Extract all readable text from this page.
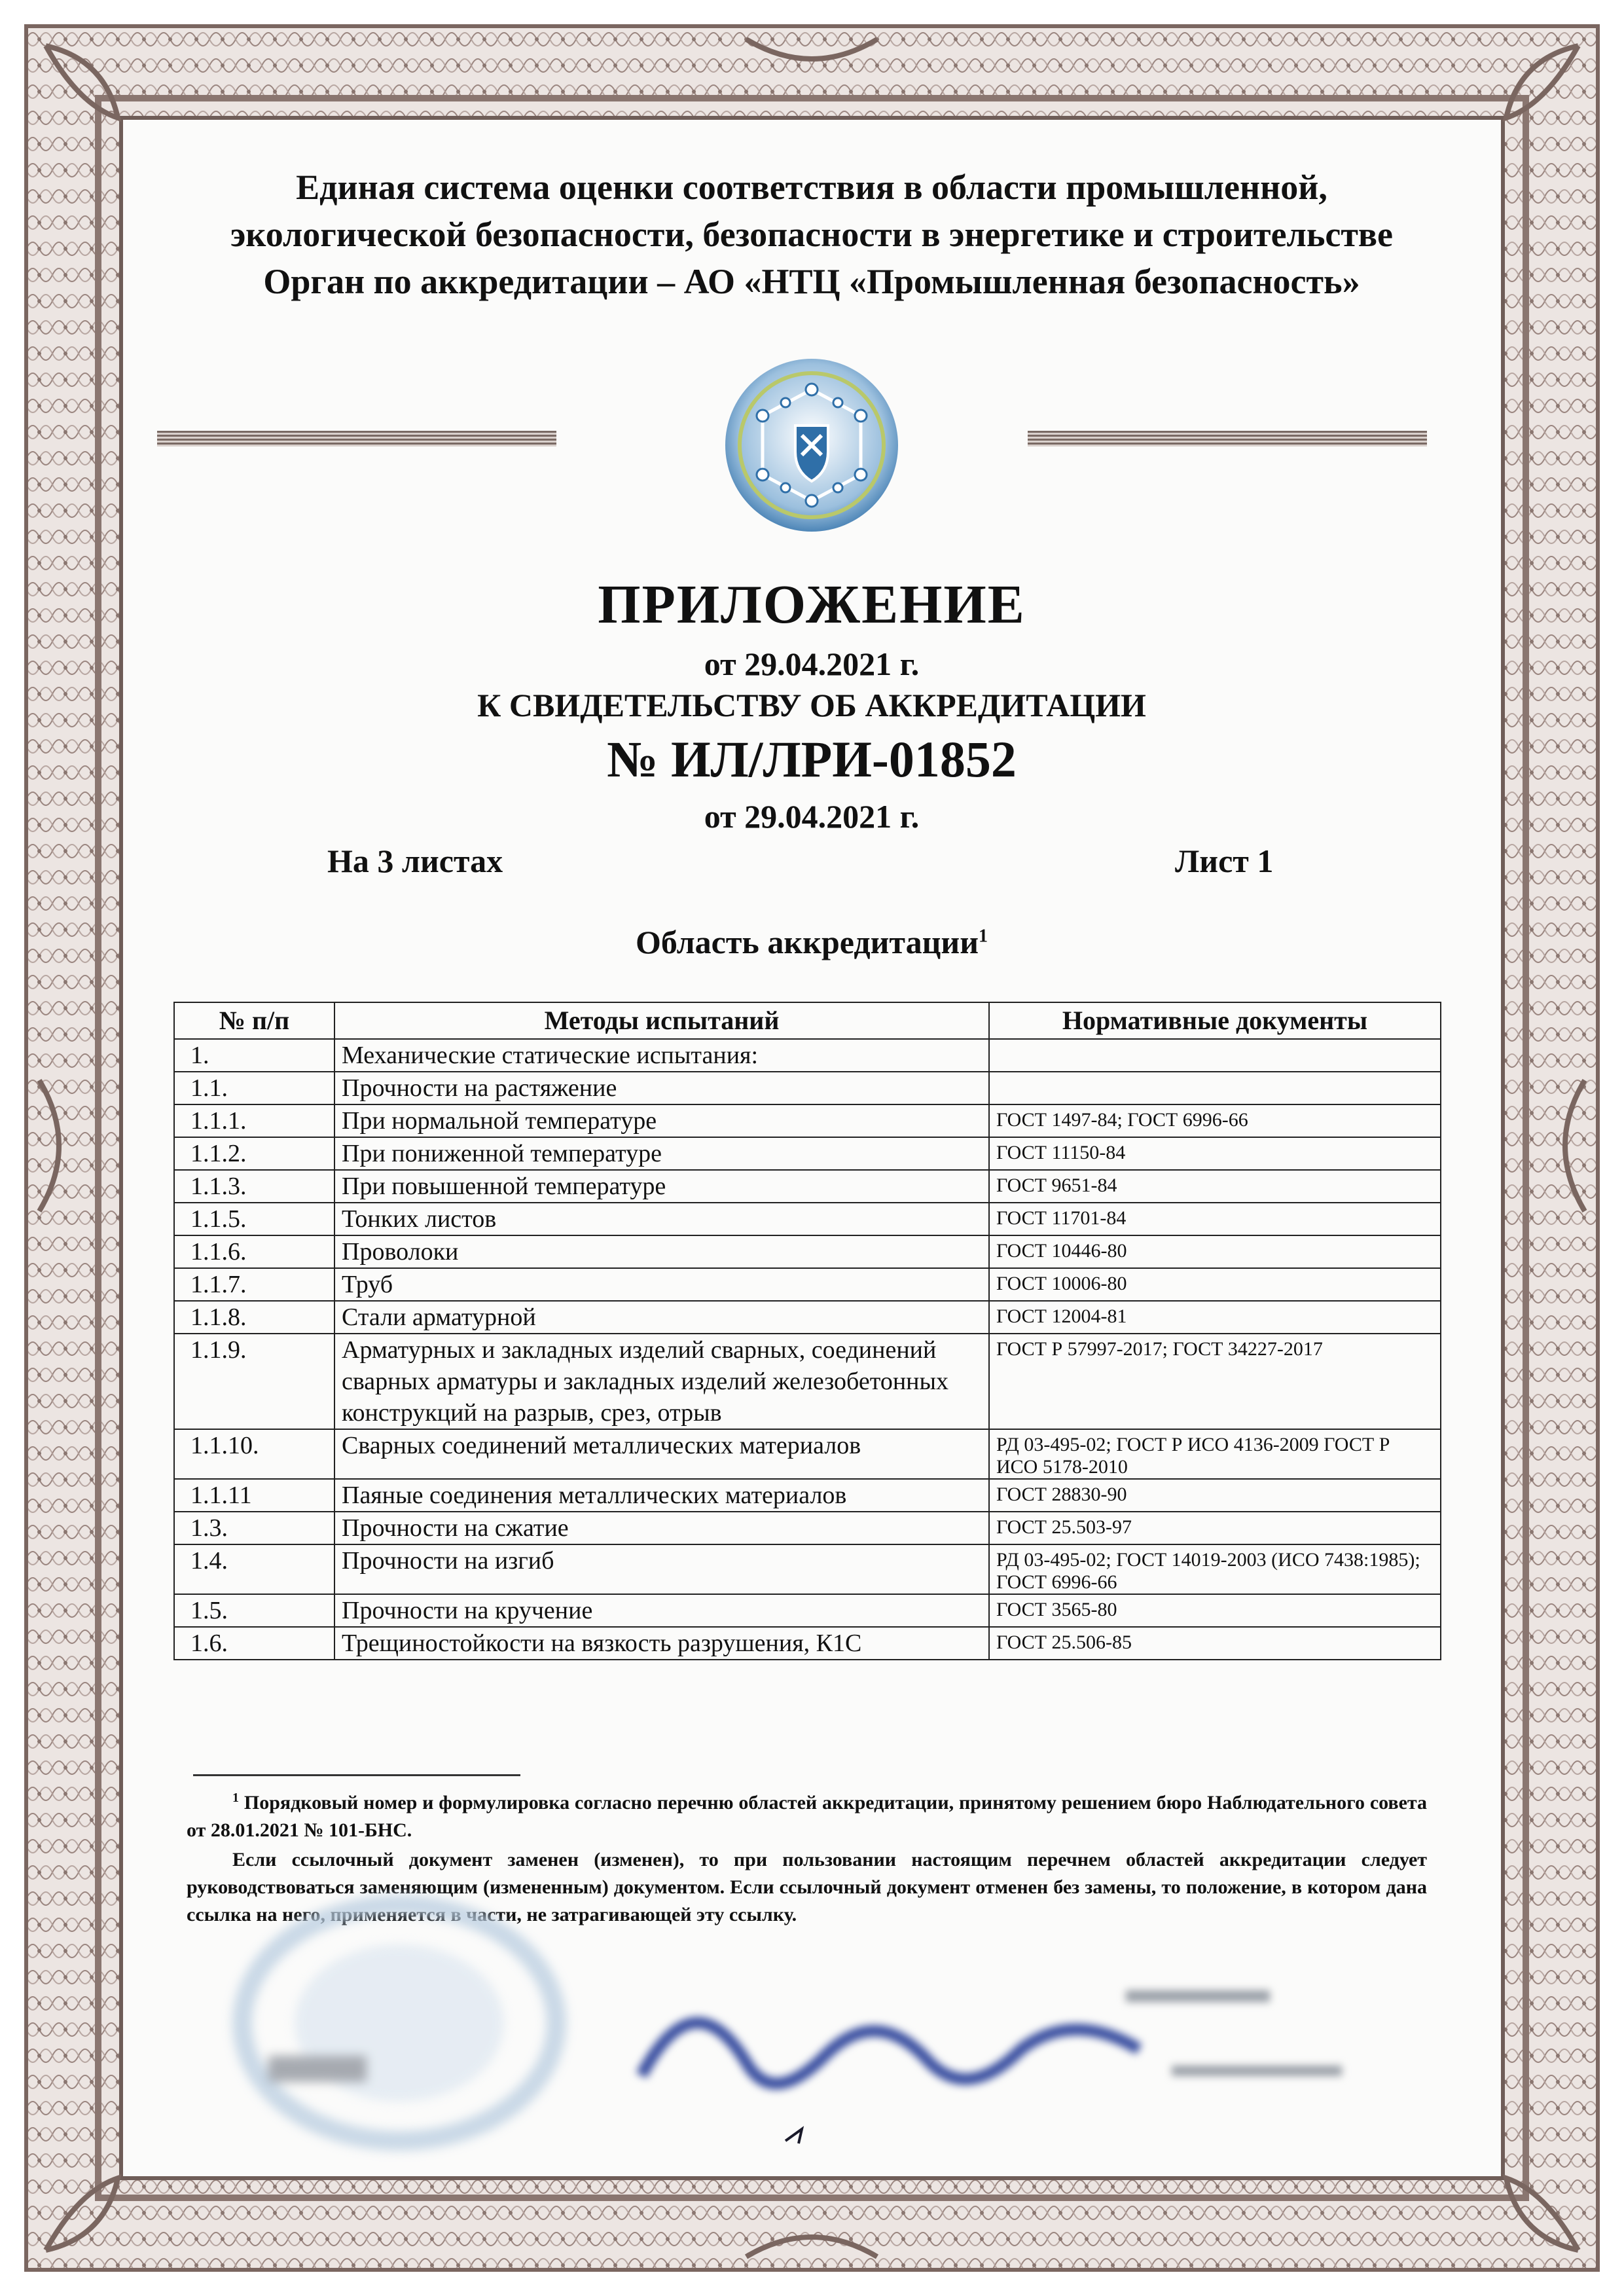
Единая система оценки соответствия в области промышленной,
экологической безопасности, безопасности в энергетике и строительстве
Орган по аккредитации – АО «НТЦ «Промышленная безопасность»
ПРИЛОЖЕНИЕ
от 29.04.2021 г.
К СВИДЕТЕЛЬСТВУ ОБ АККРЕДИТАЦИИ
№ ИЛ/ЛРИ-01852
от 29.04.2021 г.
На 3 листах	Лист 1
Область аккредитации$^1$
№ п/п	Методы испытаний	Нормативные документы
1.	Механические статические испытания:	
1.1.	Прочности на растяжение	
1.1.1.	При нормальной температуре	ГОСТ 1497-84; ГОСТ 6996-66
1.1.2.	При пониженной температуре	ГОСТ 11150-84
1.1.3.	При повышенной температуре	ГОСТ 9651-84
1.1.5.	Тонких листов	ГОСТ 11701-84
1.1.6.	Проволоки	ГОСТ 10446-80
1.1.7.	Труб	ГОСТ 10006-80
1.1.8.	Стали арматурной	ГОСТ 12004-81
1.1.9.	Арматурных и закладных изделий сварных, соединений сварных арматуры и закладных изделий железобетонных конструкций на разрыв, срез, отрыв	ГОСТ Р 57997-2017; ГОСТ 34227-2017
1.1.10.	Сварных соединений металлических материалов	РД 03-495-02; ГОСТ Р ИСО 4136-2009 ГОСТ Р ИСО 5178-2010
1.1.11	Паяные соединения металлических материалов	ГОСТ 28830-90
1.3.	Прочности на сжатие	ГОСТ 25.503-97
1.4.	Прочности на изгиб	РД 03-495-02; ГОСТ 14019-2003 (ИСО 7438:1985); ГОСТ 6996-66
1.5.	Прочности на кручение	ГОСТ 3565-80
1.6.	Трещиностойкости на вязкость разрушения, К1С	ГОСТ 25.506-85
$^1$ Порядковый номер и формулировка согласно перечню областей аккредитации, принятому решением бюро Наблюдательного совета от 28.01.2021 № 101-БНС.
Если ссылочный документ заменен (изменен), то при пользовании настоящим перечнем областей аккредитации следует руководствоваться заменяющим (измененным) документом. Если ссылочный документ отменен без замены, то положение, в котором дана ссылка на него, применяется в части, не затрагивающей эту ссылку.
